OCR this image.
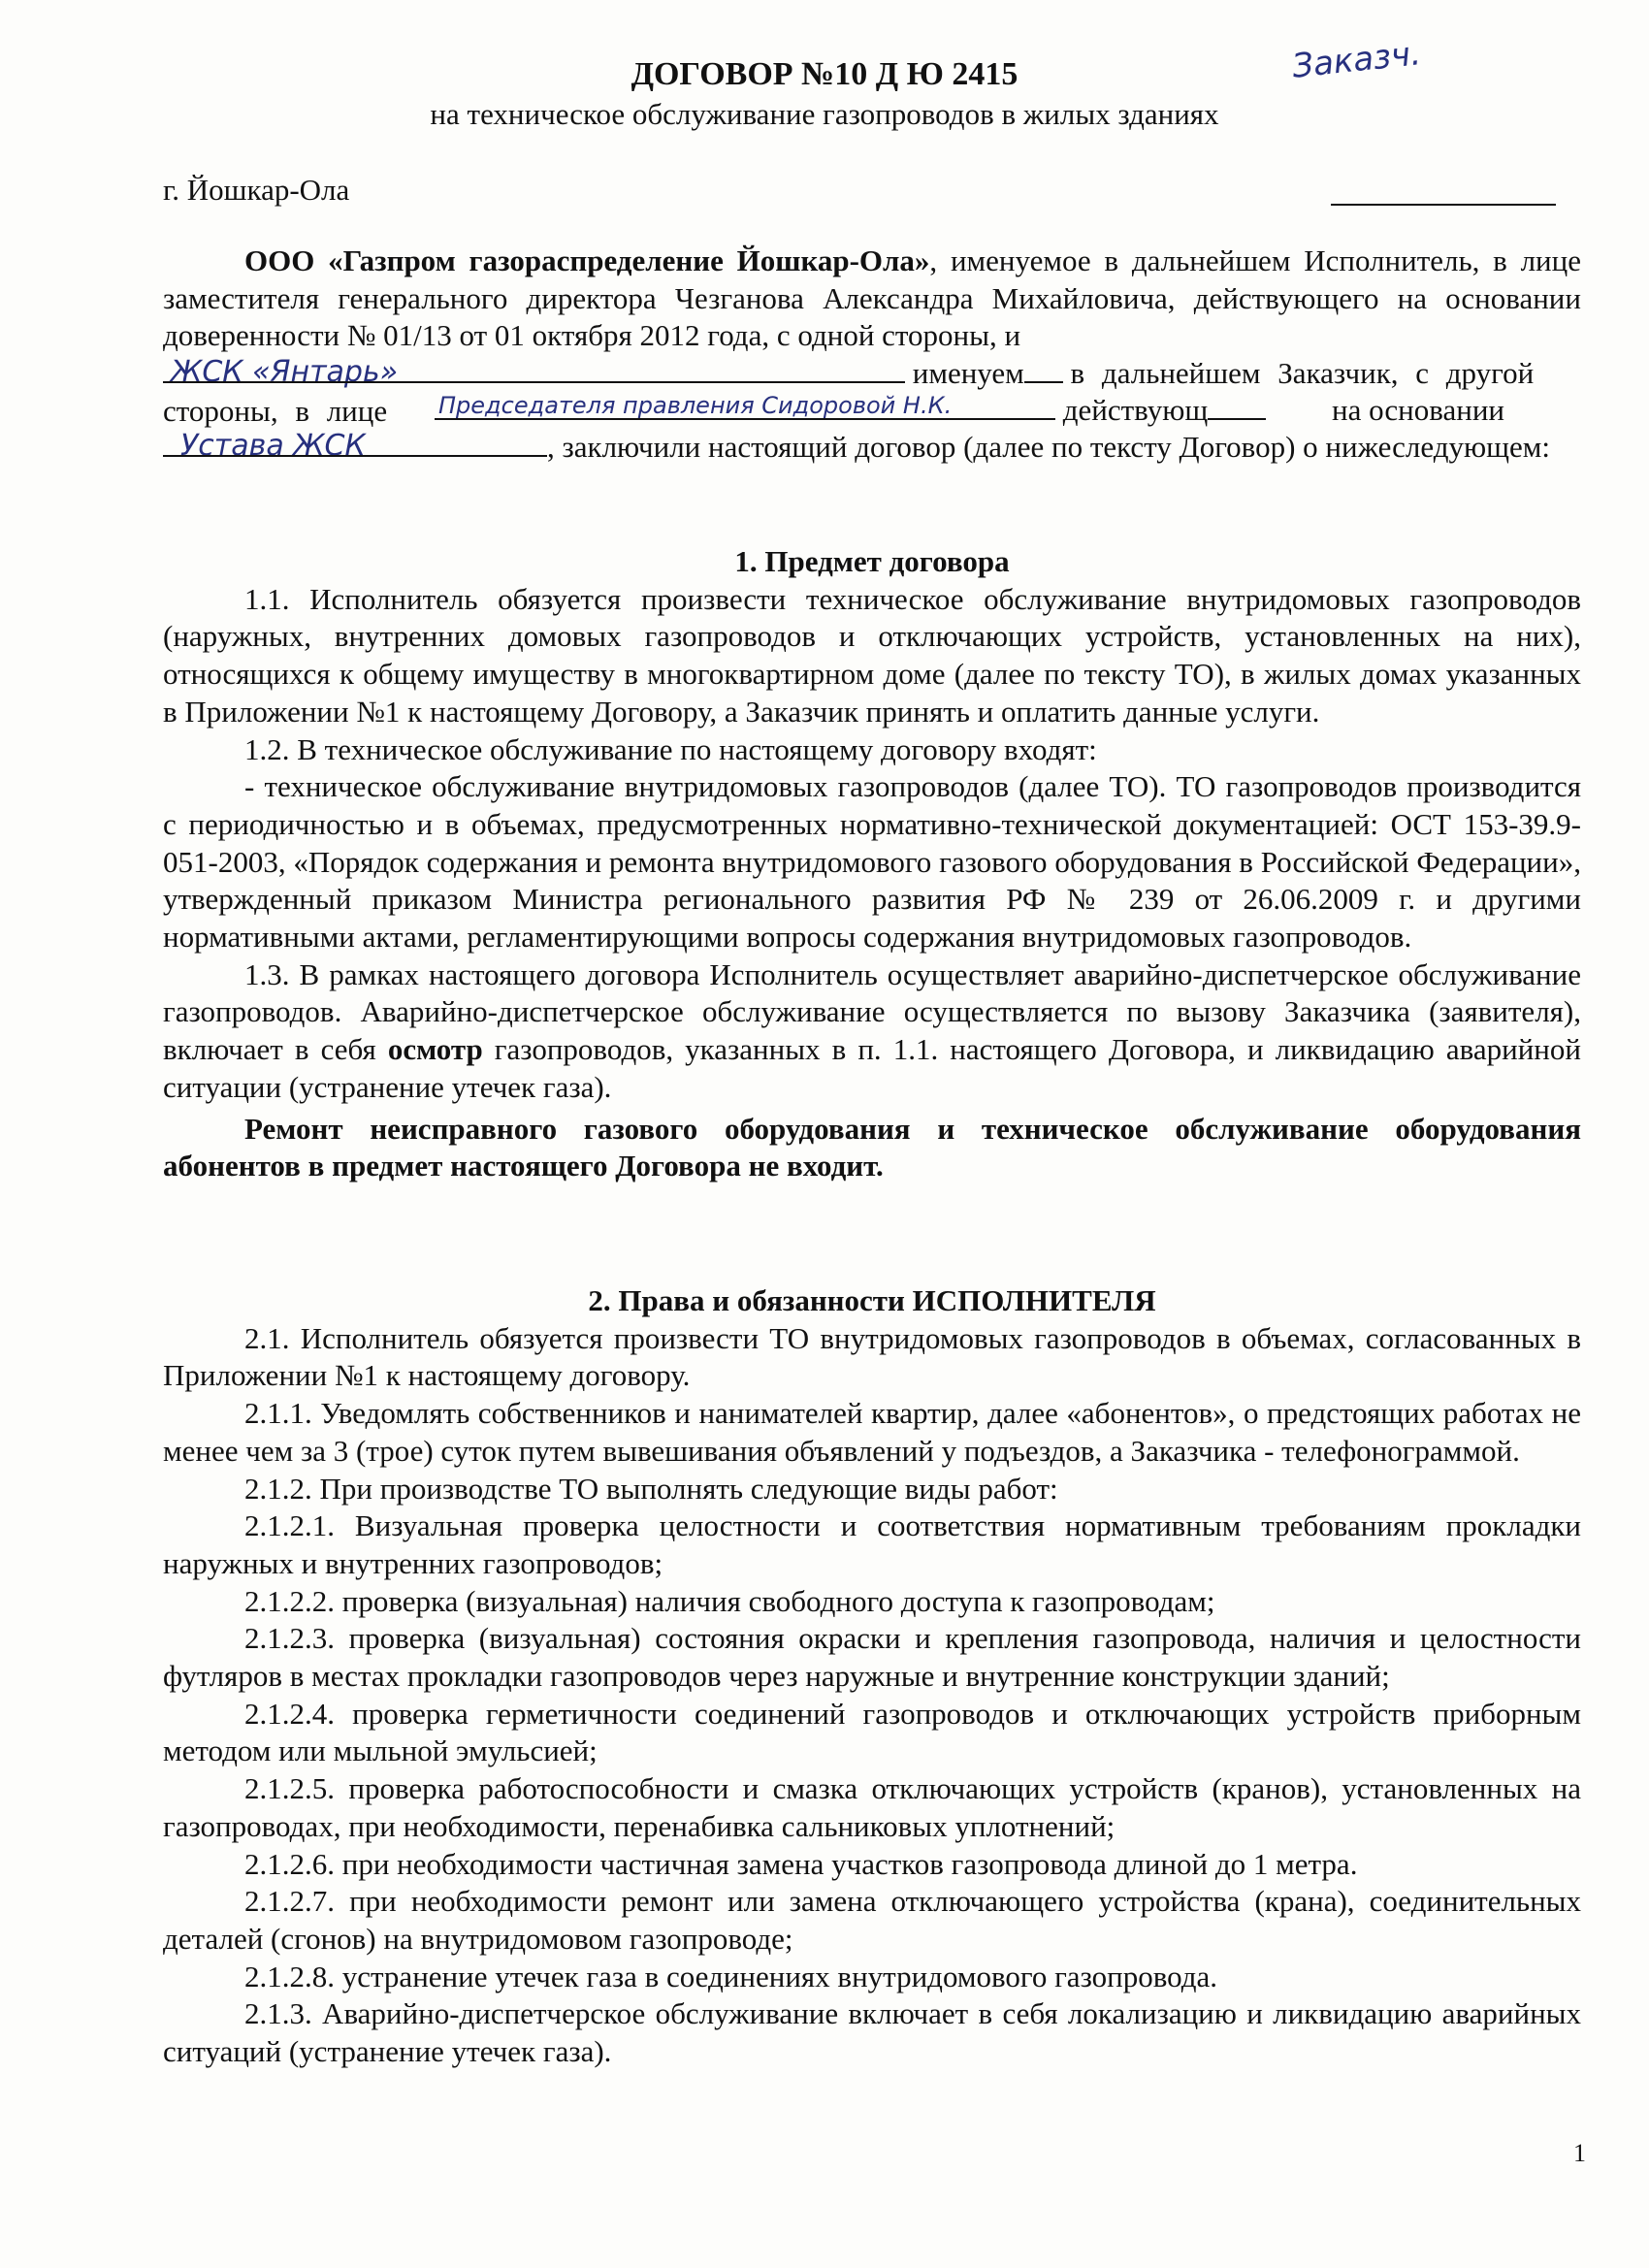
ДОГОВОР №10 Д Ю 2415	Заказч.
на техническое обслуживание газопроводов в жилых зданиях
г. Йошкар-Ола

ООО «Газпром газораспределение Йошкар-Ола», именуемое в дальнейшем Исполнитель, в лице заместителя генерального директора Чезганова Александра Михайловича, действующего на основании доверенности № 01/13 от 01 октября 2012 года, с одной стороны, и

ЖСК «Янтарь»	именуем в дальнейшем Заказчик, с другой стороны, в лице	Председателя правления Сидоровой Н.К.	действующ	на основании
Устава ЖСК	, заключили настоящий договор (далее по тексту Договор) о нижеследующем:

1. Предмет договора

1.1. Исполнитель обязуется произвести техническое обслуживание внутридомовых газопроводов (наружных, внутренних домовых газопроводов и отключающих устройств, установленных на них), относящихся к общему имуществу в многоквартирном доме (далее по тексту ТО), в жилых домах указанных в Приложении №1 к настоящему Договору, а Заказчик принять и оплатить данные услуги.

1.2. В техническое обслуживание по настоящему договору входят:

- техническое обслуживание внутридомовых газопроводов (далее ТО). ТО газопроводов производится с периодичностью и в объемах, предусмотренных нормативно-технической документацией: ОСТ 153-39.9-051-2003, «Порядок содержания и ремонта внутридомового газового оборудования в Российской Федерации», утвержденный приказом Министра регионального развития РФ № 239 от 26.06.2009 г. и другими нормативными актами, регламентирующими вопросы содержания внутридомовых газопроводов.

1.3. В рамках настоящего договора Исполнитель осуществляет аварийно-диспетчерское обслуживание газопроводов. Аварийно-диспетчерское обслуживание осуществляется по вызову Заказчика (заявителя), включает в себя осмотр газопроводов, указанных в п. 1.1. настоящего Договора, и ликвидацию аварийной ситуации (устранение утечек газа).

Ремонт неисправного газового оборудования и техническое обслуживание оборудования абонентов в предмет настоящего Договора не входит.

2. Права и обязанности ИСПОЛНИТЕЛЯ

2.1. Исполнитель обязуется произвести ТО внутридомовых газопроводов в объемах, согласованных в Приложении №1 к настоящему договору.

2.1.1. Уведомлять собственников и нанимателей квартир, далее «абонентов», о предстоящих работах не менее чем за 3 (трое) суток путем вывешивания объявлений у подъездов, а Заказчика - телефонограммой.

2.1.2. При производстве ТО выполнять следующие виды работ:

2.1.2.1. Визуальная проверка целостности и соответствия нормативным требованиям прокладки наружных и внутренних газопроводов;

2.1.2.2. проверка (визуальная) наличия свободного доступа к газопроводам;

2.1.2.3. проверка (визуальная) состояния окраски и крепления газопровода, наличия и целостности футляров в местах прокладки газопроводов через наружные и внутренние конструкции зданий;

2.1.2.4. проверка герметичности соединений газопроводов и отключающих устройств приборным методом или мыльной эмульсией;

2.1.2.5. проверка работоспособности и смазка отключающих устройств (кранов), установленных на газопроводах, при необходимости, перенабивка сальниковых уплотнений;

2.1.2.6. при необходимости частичная замена участков газопровода длиной до 1 метра.

2.1.2.7. при необходимости ремонт или замена отключающего устройства (крана), соединительных деталей (сгонов) на внутридомовом газопроводе;

2.1.2.8. устранение утечек газа в соединениях внутридомового газопровода.

2.1.3. Аварийно-диспетчерское обслуживание включает в себя локализацию и ликвидацию аварийных ситуаций (устранение утечек газа).

1
